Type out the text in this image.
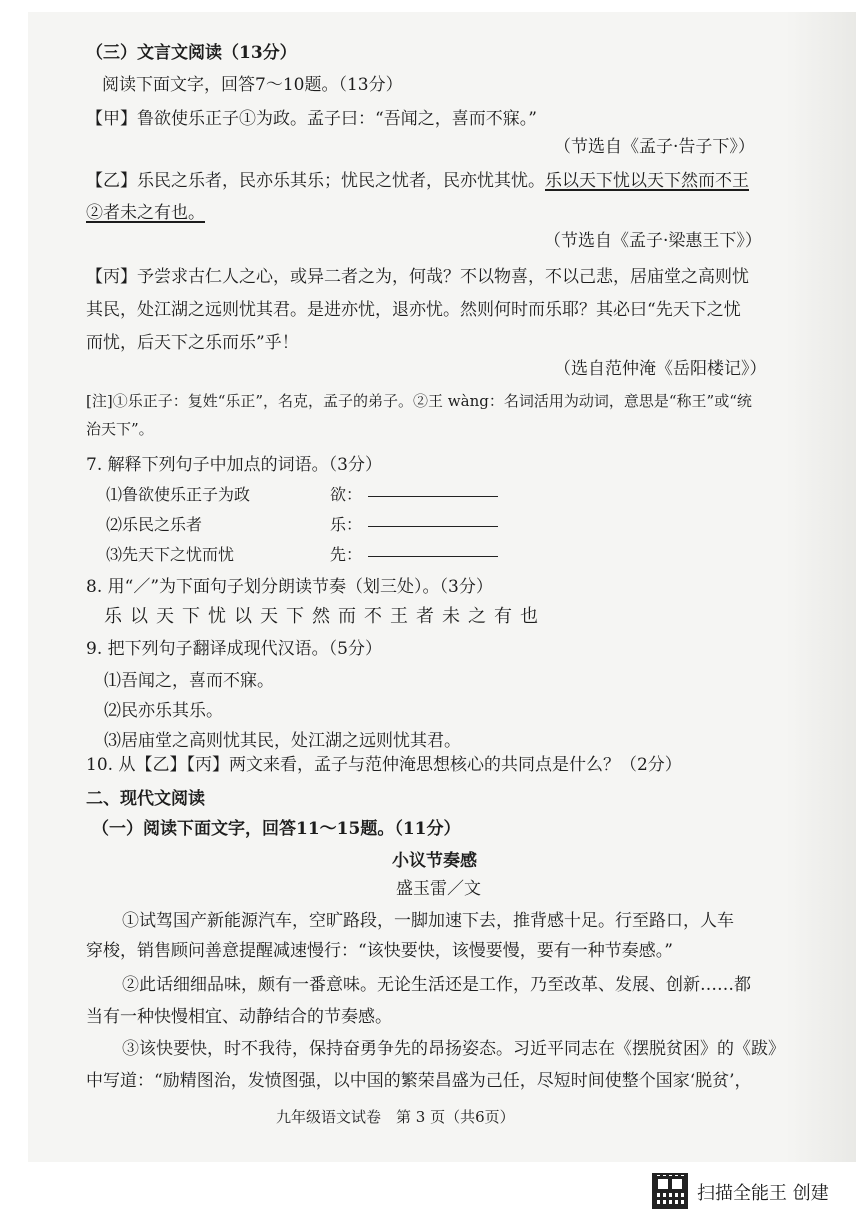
（三）文言文阅读（13分）
阅读下面文字，回答7～10题。（13分）
【甲】鲁欲使乐正子①为政。孟子曰：“吾闻之，喜而不寐。”
（节选自《孟子·告子下》）
【乙】乐民之乐者，民亦乐其乐；忧民之忧者，民亦忧其忧。乐以天下忧以天下然而不王
②者未之有也。
（节选自《孟子·梁惠王下》）
【丙】予尝求古仁人之心，或异二者之为，何哉？不以物喜，不以己悲，居庙堂之高则忧
其民，处江湖之远则忧其君。是进亦忧，退亦忧。然则何时而乐耶？其必曰“先天下之忧
而忧，后天下之乐而乐”乎！
（选自范仲淹《岳阳楼记》）
[注]①乐正子：复姓“乐正”，名克，孟子的弟子。②王 wàng：名词活用为动词，意思是“称王”或“统
治天下”。
7. 解释下列句子中加点的词语。（3分）
⑴鲁欲使乐正子为政	欲：
⑵乐民之乐者	乐：
⑶先天下之忧而忧	先：
8. 用“／”为下面句子划分朗读节奏（划三处）。（3分）
乐以天下忧以天下然而不王者未之有也
9. 把下列句子翻译成现代汉语。（5分）
⑴吾闻之，喜而不寐。
⑵民亦乐其乐。
⑶居庙堂之高则忧其民，处江湖之远则忧其君。
10. 从【乙】【丙】两文来看，孟子与范仲淹思想核心的共同点是什么？（2分）
二、现代文阅读
（一）阅读下面文字，回答11～15题。（11分）
小议节奏感
盛玉雷／文
①试驾国产新能源汽车，空旷路段，一脚加速下去，推背感十足。行至路口，人车
穿梭，销售顾问善意提醒减速慢行：“该快要快，该慢要慢，要有一种节奏感。”
②此话细细品味，颇有一番意味。无论生活还是工作，乃至改革、发展、创新……都
当有一种快慢相宜、动静结合的节奏感。
③该快要快，时不我待，保持奋勇争先的昂扬姿态。习近平同志在《摆脱贫困》的《跋》
中写道：“励精图治，发愤图强，以中国的繁荣昌盛为己任，尽短时间使整个国家‘脱贫’，
九年级语文试卷　第 3 页（共6页）
扫描全能王 创建
